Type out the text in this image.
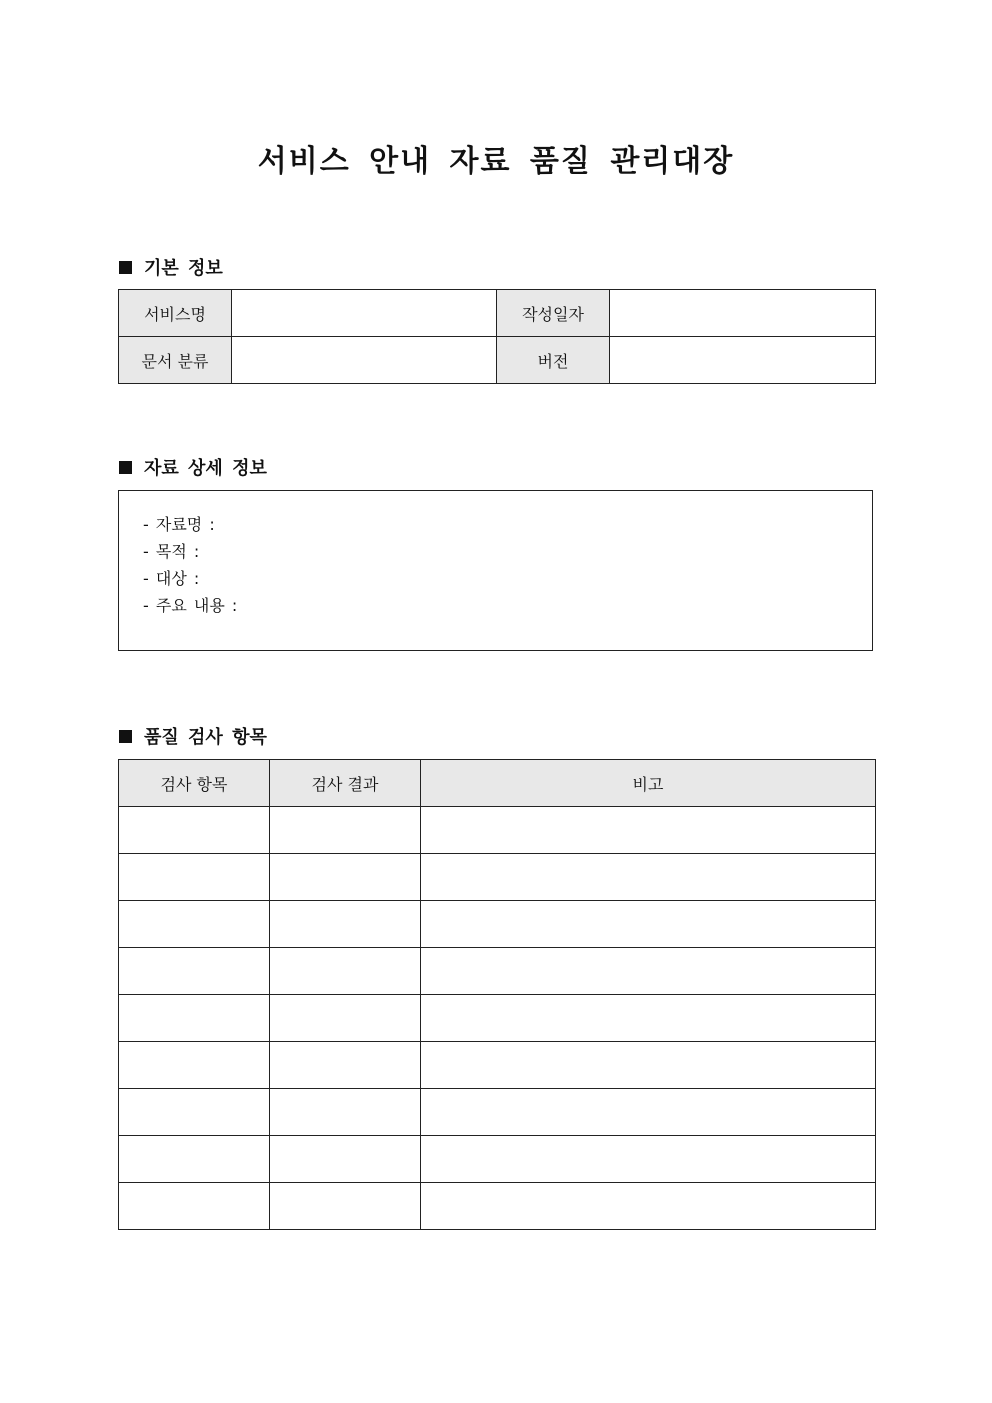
서비스 안내 자료 품질 관리대장
기본 정보
서비스명		작성일자	
문서 분류		버전	
자료 상세 정보
- 자료명 :
- 목적 :
- 대상 :
- 주요 내용 :
품질 검사 항목
검사 항목	검사 결과	비고
